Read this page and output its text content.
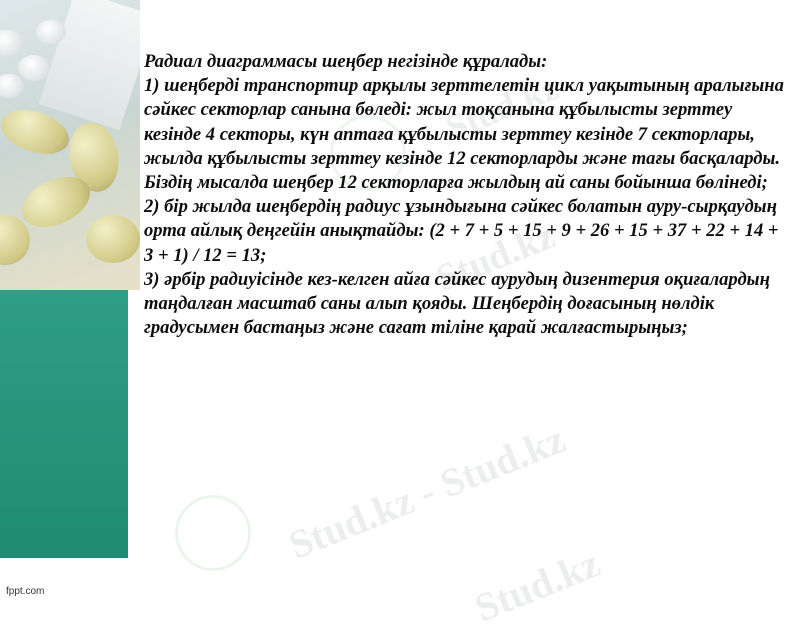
fppt.com
Stud.kz
Stud.kz
Stud.kz - Stud.kz
Stud.kz

Радиал диаграммасы шеңбер негізінде құралады:

1) шеңберді транспортир арқылы зерттелетін цикл уақытының аралығына сәйкес секторлар санына бөледі: жыл тоқсанына құбылысты зерттеу кезінде 4 секторы, күн аптаға құбылысты зерттеу кезінде 7 секторлары, жылда құбылысты зерттеу кезінде 12 секторларды және тағы басқаларды. Біздің мысалда шеңбер 12 секторларға жылдың ай саны бойынша бөлінеді;

2) бір жылда шеңбердің радиус ұзындығына сәйкес болатын ауру-сырқаудың орта айлық деңгейін анықтайды: (2 + 7 + 5 + 15 + 9 + 26 + 15 + 37 + 22 + 14 + 3 + 1) / 12 = 13;

3) әрбір радиуісінде кез-келген айға сәйкес аурудың дизентерия оқиғалардың таңдалған масштаб саны алып қояды. Шеңбердің доғасының нөлдік градусымен бастаңыз және сағат тіліне қарай жалғастырыңыз;
